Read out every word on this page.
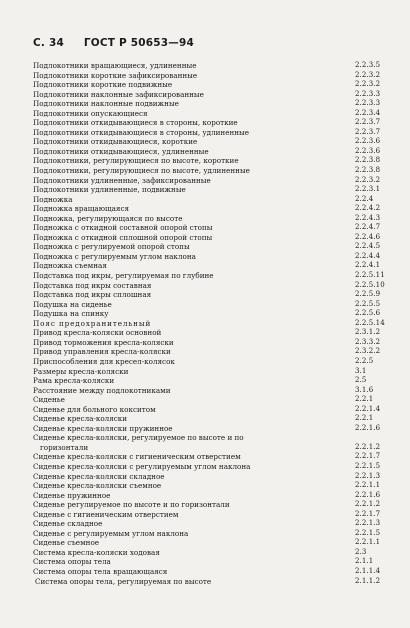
С. 34 ГОСТ Р 50653—94
Подлокотники вращающиеся, удлиненные	2.2.3.5
Подлокотники короткие зафиксированные	2.2.3.2
Подлокотники короткие подвижные	2.2.3.2
Подлокотники наклонные зафиксированные	2.2.3.3
Подлокотники наклонные подвижные	2.2.3.3
Подлокотники опускающиеся	2.2.3.4
Подлокотники откидывающиеся в стороны, короткие	2.2.3.7
Подлокотники откидывающиеся в стороны, удлиненные	2.2.3.7
Подлокотники откидывающиеся, короткие	2.2.3.6
Подлокотники откидывающиеся, удлиненные	2.2.3.6
Подлокотники, регулирующиеся по высоте, короткие	2.2.3.8
Подлокотники, регулирующиеся по высоте, удлиненные	2.2.3.8
Подлокотники удлиненные, зафиксированные	2.2.3.2
Подлокотники удлиненные, подвижные	2.2.3.1
Подножка	2.2.4
Подножка вращающаяся	2.2.4.2
Подножка, регулирующаяся по высоте	2.2.4.3
Подножка с откидной составной опорой стопы	2.2.4.7
Подножка с откидной сплошной опорой стопы	2.2.4.6
Подножка с регулируемой опорой стопы	2.2.4.5
Подножка с регулируемым углом наклона	2.2.4.4
Подножка съемная	2.2.4.1
Подставка под икры, регулируемая по глубине	2.2.5.11
Подставка под икры составная	2.2.5.10
Подставка под икры сплошная	2.2.5.9
Подушка на сиденье	2.2.5.5
Подушка на спинку	2.2.5.6
Пояс предохранительный	2.2.5.14
Привод кресла-коляски основной	2.3.1.2
Привод торможения кресла-коляски	2.3.3.2
Привод управления кресла-коляски	2.3.2.2
Приспособления для кресел-колясок	2.2.5
Размеры кресла-коляски	3.1
Рама кресла-коляски	2.5
Расстояние между подлокотниками	3.1.6
Сиденье	2.2.1
Сиденье для больного кокситом	2.2.1.4
Сиденье кресла-коляски	2.2.1
Сиденье кресла-коляски пружинное	2.2.1.6
Сиденье кресла-коляски, регулируемое по высоте и по
горизонтали	2.2.1.2
Сиденье кресла-коляски с гигиеническим отверстием	2.2.1.7
Сиденье кресла-коляски с регулируемым углом наклона	2.2.1.5
Сиденье кресла-коляски складное	2.2.1.3
Сиденье кресла-коляски съемное	2.2.1.1
Сиденье пружинное	2.2.1.6
Сиденье регулируемое по высоте и по горизонтали	2.2.1.2
Сиденье с гигиеническим отверстием	2.2.1.7
Сиденье складное	2.2.1.3
Сиденье с регулируемым углом наклона	2.2.1.5
Сиденье съемное	2.2.1.1
Система кресла-коляски ходовая	2.3
Система опоры тела	2.1.1
Система опоры тела вращающаяся	2.1.1.4
Система опоры тела, регулируемая по высоте	2.1.1.2
